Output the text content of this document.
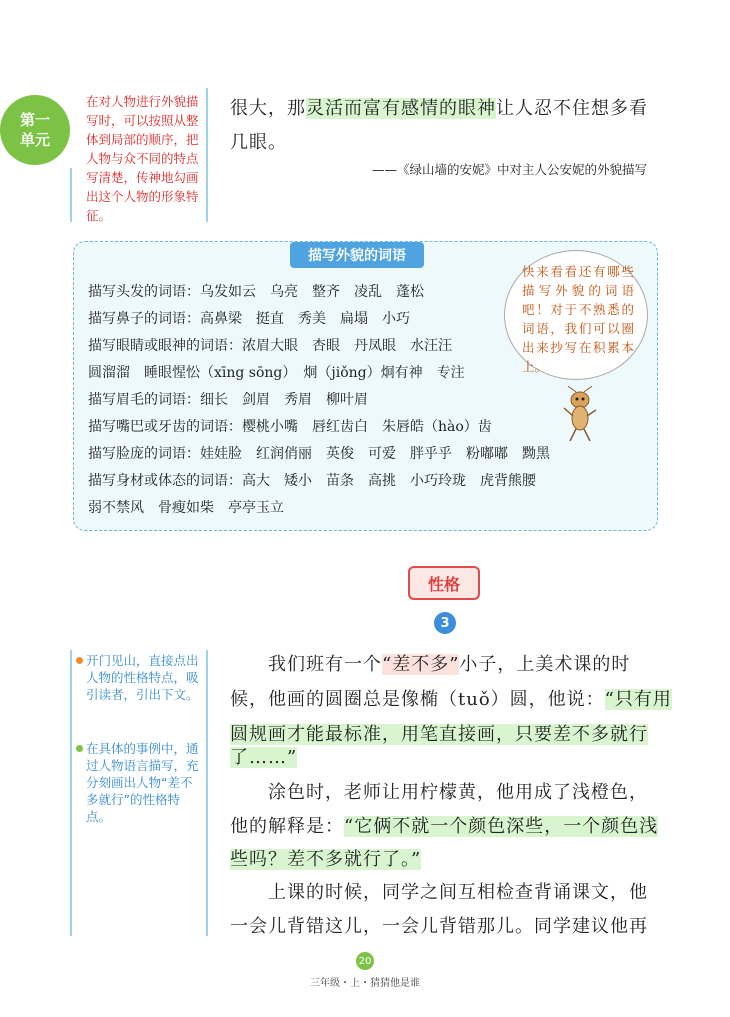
第一
单元
在对人物进行外貌描写时，可以按照从整体到局部的顺序，把人物与众不同的特点写清楚，传神地勾画出这个人物的形象特征。
很大，那灵活而富有感情的眼神让人忍不住想多看
几眼。
——《绿山墙的安妮》中对主人公安妮的外貌描写
描写外貌的词语
描写头发的词语：乌发如云　乌亮　整齐　凌乱　蓬松
描写鼻子的词语：高鼻梁　挺直　秀美　扁塌　小巧
描写眼睛或眼神的词语：浓眉大眼　杏眼　丹凤眼　水汪汪
圆溜溜　睡眼惺忪（xīng sōng）　炯（jiǒng）炯有神　专注
描写眉毛的词语：细长　剑眉　秀眉　柳叶眉
描写嘴巴或牙齿的词语：樱桃小嘴　唇红齿白　朱唇皓（hào）齿
描写脸庞的词语：娃娃脸　红润俏丽　英俊　可爱　胖乎乎　粉嘟嘟　黝黑
描写身材或体态的词语：高大　矮小　苗条　高挑　小巧玲珑　虎背熊腰
弱不禁风　骨瘦如柴　亭亭玉立
快来看看还有哪些描写外貌的词语吧！对于不熟悉的词语，我们可以圈出来抄写在积累本上。
性格
3
开门见山，直接点出人物的性格特点，吸引读者，引出下文。
在具体的事例中，通过人物语言描写，充分刻画出人物“差不多就行”的性格特点。
我们班有一个“差不多”小子，上美术课的时
候，他画的圆圈总是像椭（tuǒ）圆，他说：“只有用
圆规画才能最标准，用笔直接画，只要差不多就行
了……”
涂色时，老师让用柠檬黄，他用成了浅橙色，
他的解释是：“它俩不就一个颜色深些，一个颜色浅
些吗？差不多就行了。”
上课的时候，同学之间互相检查背诵课文，他
一会儿背错这儿，一会儿背错那儿。同学建议他再
20
三年级・上・猜猜他是谁
